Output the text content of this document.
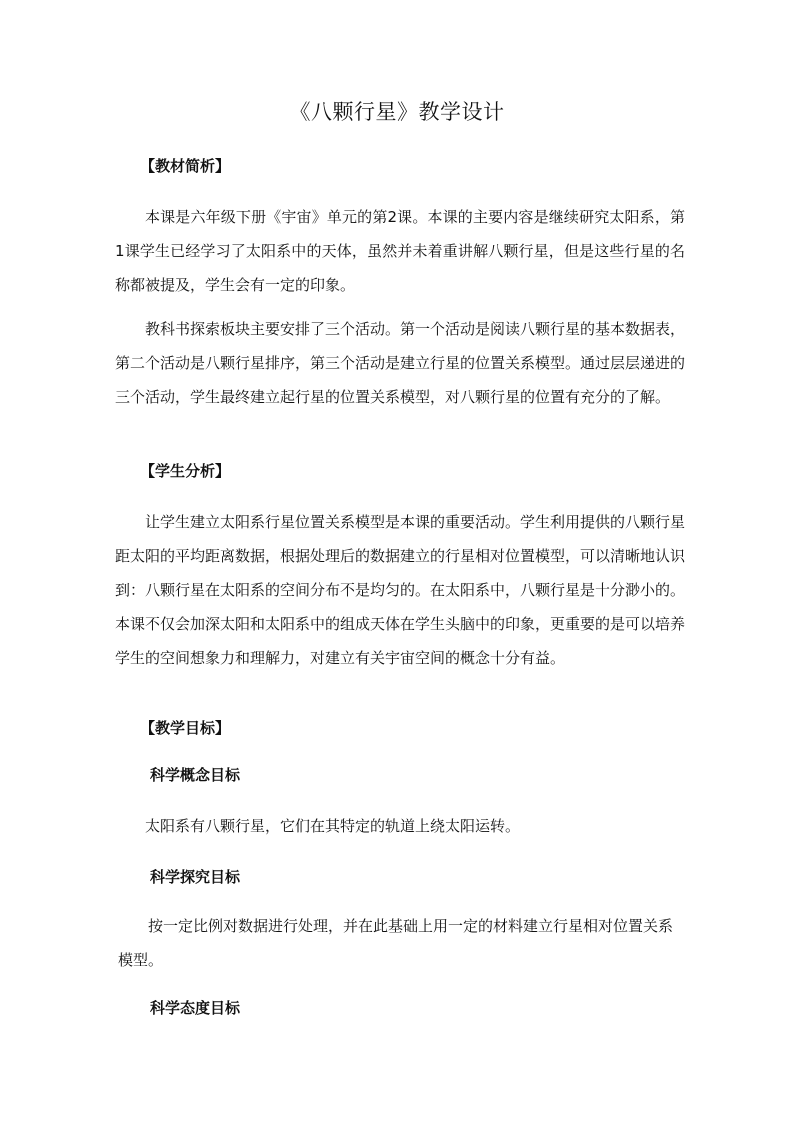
《八颗行星》教学设计
【教材简析】
本课是六年级下册《宇宙》单元的第2课。本课的主要内容是继续研究太阳系，第1课学生已经学习了太阳系中的天体，虽然并未着重讲解八颗行星，但是这些行星的名称都被提及，学生会有一定的印象。
教科书探索板块主要安排了三个活动。第一个活动是阅读八颗行星的基本数据表，第二个活动是八颗行星排序，第三个活动是建立行星的位置关系模型。通过层层递进的三个活动，学生最终建立起行星的位置关系模型，对八颗行星的位置有充分的了解。
【学生分析】
让学生建立太阳系行星位置关系模型是本课的重要活动。学生利用提供的八颗行星距太阳的平均距离数据，根据处理后的数据建立的行星相对位置模型，可以清晰地认识到：八颗行星在太阳系的空间分布不是均匀的。在太阳系中，八颗行星是十分渺小的。本课不仅会加深太阳和太阳系中的组成天体在学生头脑中的印象，更重要的是可以培养学生的空间想象力和理解力，对建立有关宇宙空间的概念十分有益。
【教学目标】
科学概念目标
太阳系有八颗行星，它们在其特定的轨道上绕太阳运转。
科学探究目标
按一定比例对数据进行处理，并在此基础上用一定的材料建立行星相对位置关系模型。
科学态度目标
